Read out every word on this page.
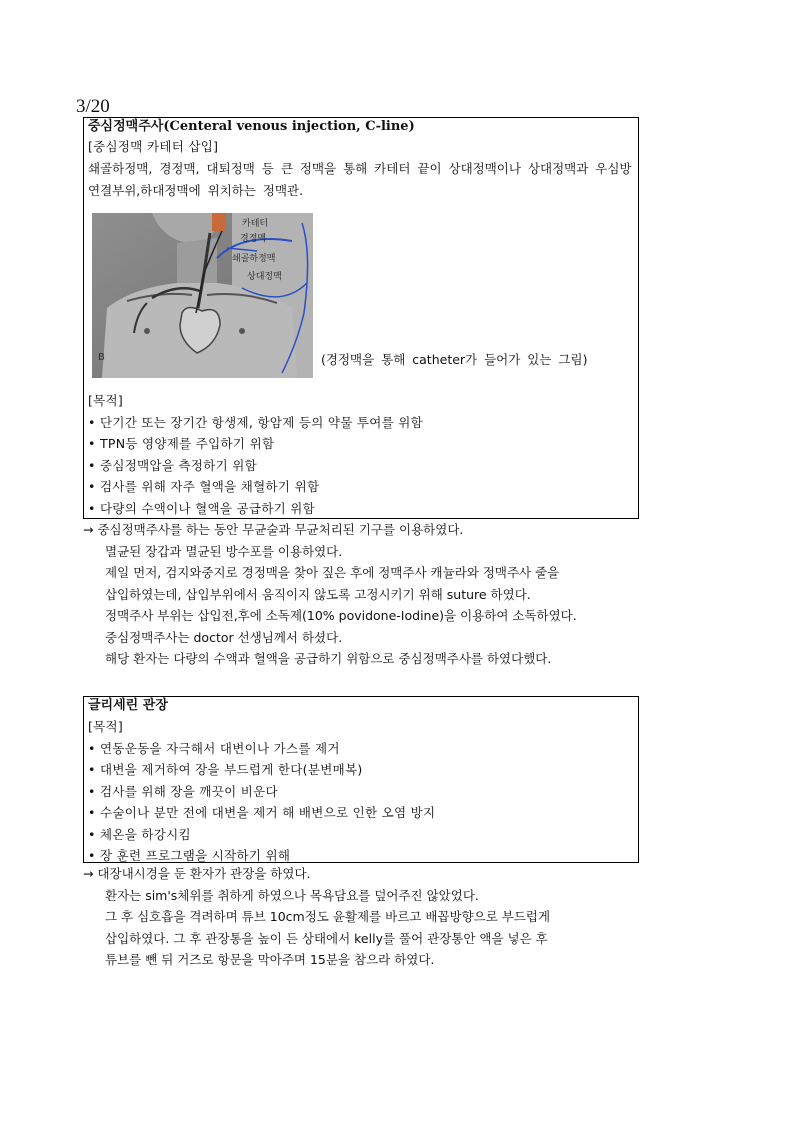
3/20
중심정맥주사(Centeral venous injection, C-line)
[중심정맥 카테터 삽입]
쇄골하정맥, 경정맥, 대퇴정맥 등 큰 정맥을 통해 카테터 끝이 상대정맥이나 상대정맥과 우심방 연결부위,하대정맥에 위치하는 정맥관.
카테터
경정맥
쇄골하정맥
상대정맥
B	(경정맥을 통해 catheter가 들어가 있는 그림)
[목적]
• 단기간 또는 장기간 항생제, 항암제 등의 약물 투여를 위함
• TPN등 영양제를 주입하기 위함
• 중심정맥압을 측정하기 위함
• 검사를 위해 자주 혈액을 채혈하기 위함
• 다량의 수액이나 혈액을 공급하기 위함
→ 중심정맥주사를 하는 동안 무균술과 무균처리된 기구를 이용하였다.
멸균된 장갑과 멸균된 방수포를 이용하였다.
제일 먼저, 검지와중지로 경정맥을 찾아 짚은 후에 정맥주사 캐뉼라와 정맥주사 줄을
삽입하였는데, 삽입부위에서 움직이지 않도록 고정시키기 위해 suture 하였다.
정맥주사 부위는 삽입전,후에 소독제(10% povidone-Iodine)을 이용하여 소독하였다.
중심정맥주사는 doctor 선생님께서 하셨다.
해당 환자는 다량의 수액과 혈액을 공급하기 위함으로 중심정맥주사를 하였다했다.
글리세린 관장
[목적]
• 연동운동을 자극해서 대변이나 가스를 제거
• 대변을 제거하여 장을 부드럽게 한다(분변매복)
• 검사를 위해 장을 깨끗이 비운다
• 수술이나 분만 전에 대변을 제거 해 배변으로 인한 오염 방지
• 체온을 하강시킴
• 장 훈련 프로그램을 시작하기 위해
→ 대장내시경을 둔 환자가 관장을 하였다.
환자는 sim's체위를 취하게 하였으나 목욕담요를 덮어주진 않았었다.
그 후 심호흡을 격려하며 튜브 10cm정도 윤활제를 바르고 배꼽방향으로 부드럽게
삽입하였다. 그 후 관장통을 높이 든 상태에서 kelly를 풀어 관장통안 액을 넣은 후
튜브를 뺀 뒤 거즈로 항문을 막아주며 15분을 참으라 하였다.
